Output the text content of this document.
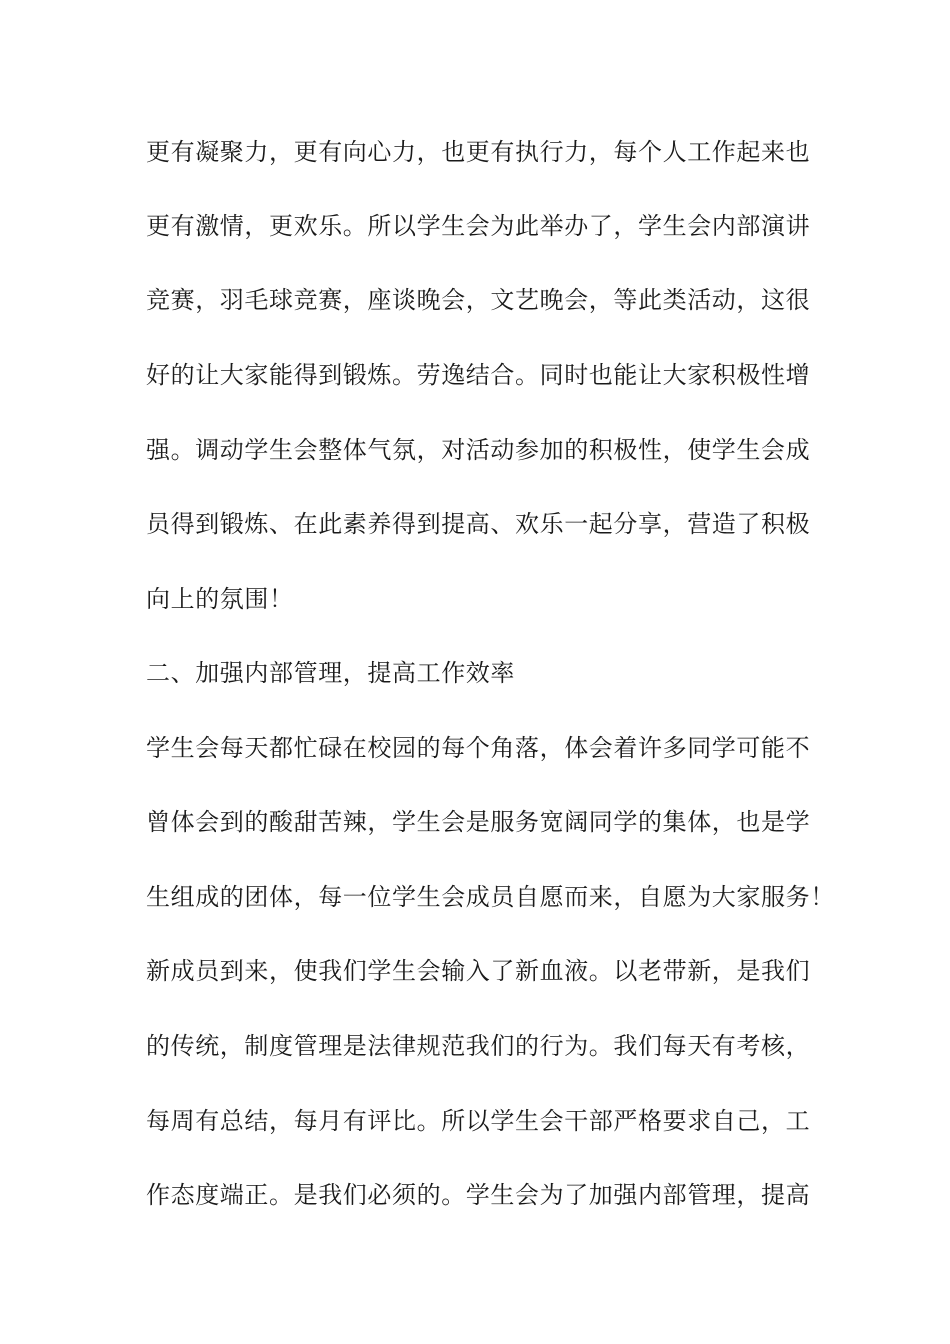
更有凝聚力，更有向心力，也更有执行力，每个人工作起来也
更有激情，更欢乐。所以学生会为此举办了，学生会内部演讲
竞赛，羽毛球竞赛，座谈晚会，文艺晚会，等此类活动，这很
好的让大家能得到锻炼。劳逸结合。同时也能让大家积极性增
强。调动学生会整体气氛，对活动参加的积极性，使学生会成
员得到锻炼、在此素养得到提高、欢乐一起分享，营造了积极
向上的氛围！
二、加强内部管理，提高工作效率
学生会每天都忙碌在校园的每个角落，体会着许多同学可能不
曾体会到的酸甜苦辣，学生会是服务宽阔同学的集体，也是学
生组成的团体，每一位学生会成员自愿而来，自愿为大家服务！
新成员到来，使我们学生会输入了新血液。以老带新，是我们
的传统，制度管理是法律规范我们的行为。我们每天有考核，
每周有总结，每月有评比。所以学生会干部严格要求自己，工
作态度端正。是我们必须的。学生会为了加强内部管理，提高
